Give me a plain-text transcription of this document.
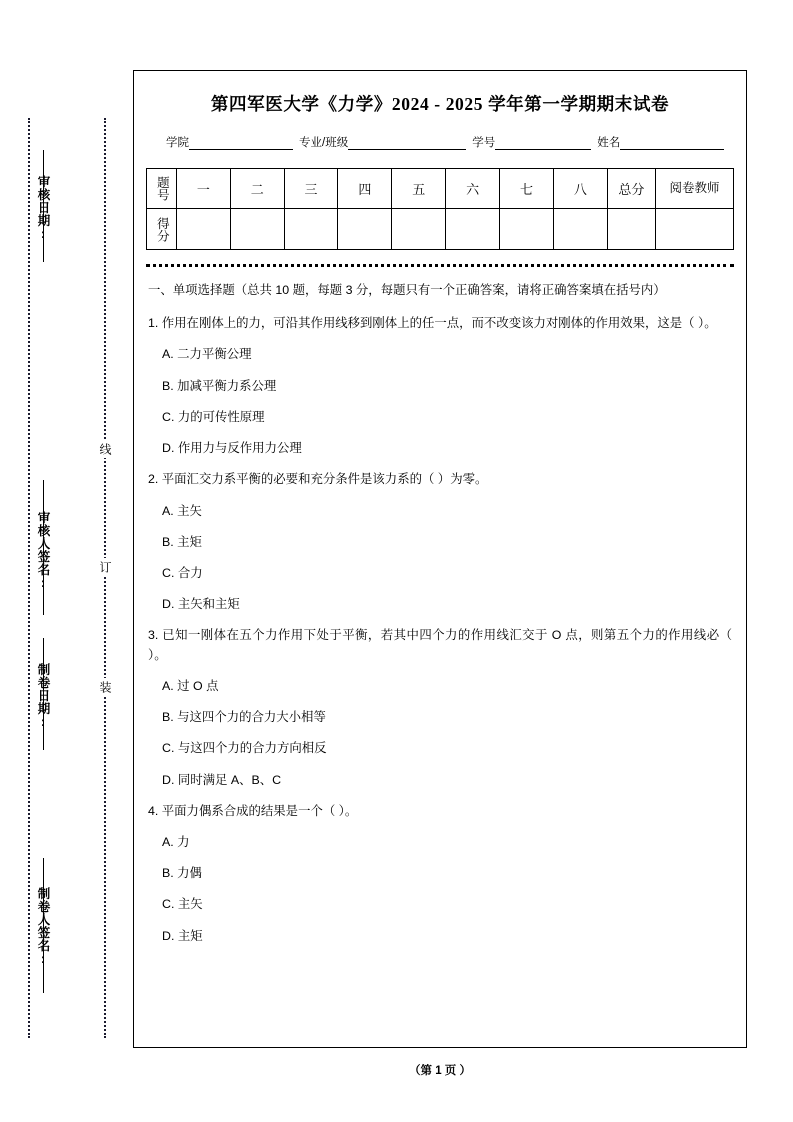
审核日期:
审核人签名:
制卷日期:
制卷人签名:
线
订
装
第四军医大学《力学》2024 - 2025 学年第一学期期末试卷
学院	专业/班级	学号	姓名
题号	一	二	三	四	五	六	七	八	总分	阅卷教师
得分										
一、单项选择题（总共 10 题，每题 3 分，每题只有一个正确答案，请将正确答案填在括号内）
1. 作用在刚体上的力，可沿其作用线移到刚体上的任一点，而不改变该力对刚体的作用效果，这是（ ）。
A. 二力平衡公理
B. 加减平衡力系公理
C. 力的可传性原理
D. 作用力与反作用力公理
2. 平面汇交力系平衡的必要和充分条件是该力系的（ ）为零。
A. 主矢
B. 主矩
C. 合力
D. 主矢和主矩
3. 已知一刚体在五个力作用下处于平衡，若其中四个力的作用线汇交于 O 点，则第五个力的作用线必（ ）。
A. 过 O 点
B. 与这四个力的合力大小相等
C. 与这四个力的合力方向相反
D. 同时满足 A、B、C
4. 平面力偶系合成的结果是一个（ ）。
A. 力
B. 力偶
C. 主矢
D. 主矩
（第 1 页 ）
